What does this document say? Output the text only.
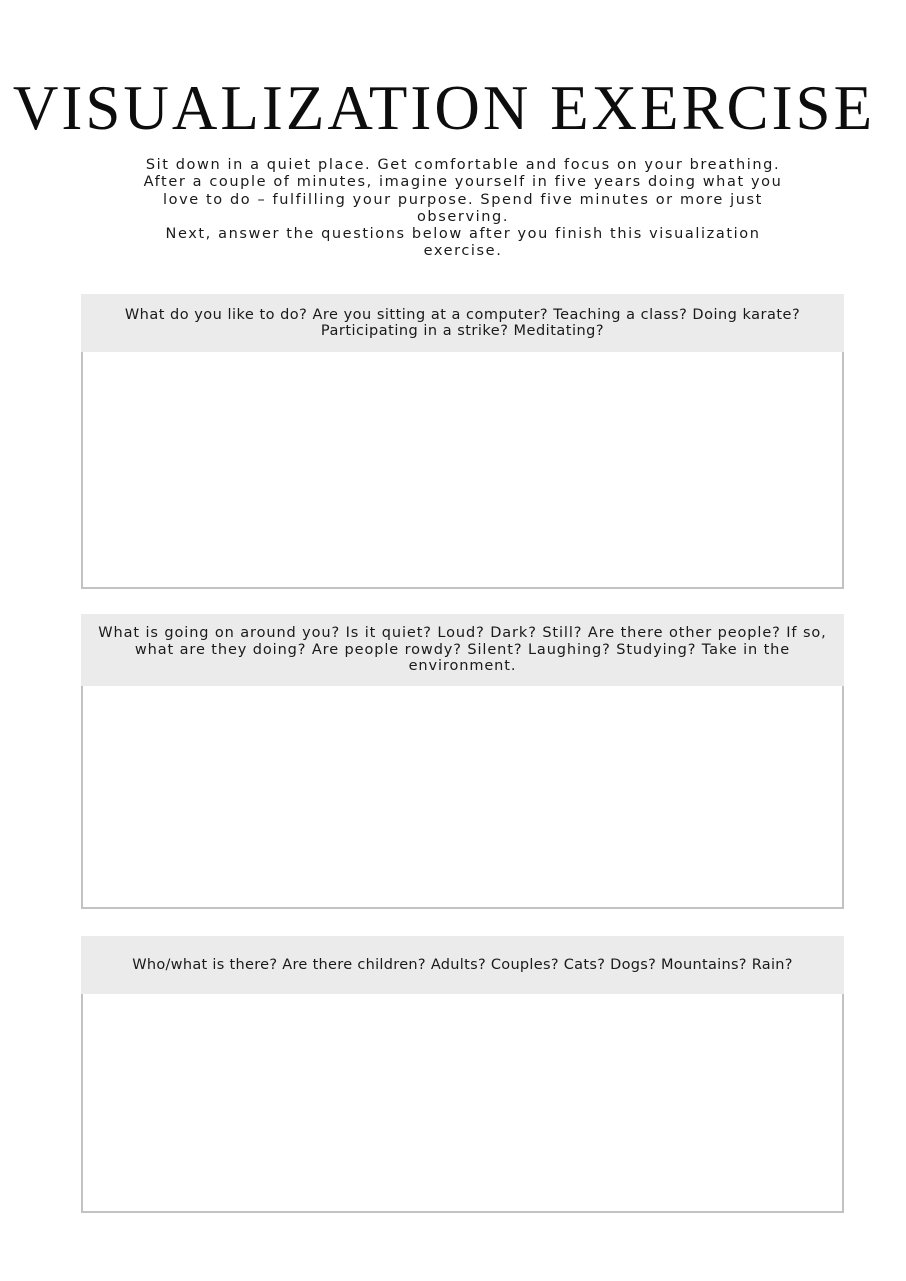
VISUALIZATION EXERCISE

Sit down in a quiet place. Get comfortable and focus on your breathing.

After a couple of minutes, imagine yourself in five years doing what you love to do – fulfilling your purpose. Spend five minutes or more just observing.

Next, answer the questions below after you finish this visualization exercise.

What do you like to do? Are you sitting at a computer? Teaching a class? Doing karate? Participating in a strike? Meditating?
What is going on around you? Is it quiet? Loud? Dark? Still? Are there other people? If so, what are they doing? Are people rowdy? Silent? Laughing? Studying? Take in the environment.
Who/what is there? Are there children? Adults? Couples? Cats? Dogs? Mountains? Rain?
